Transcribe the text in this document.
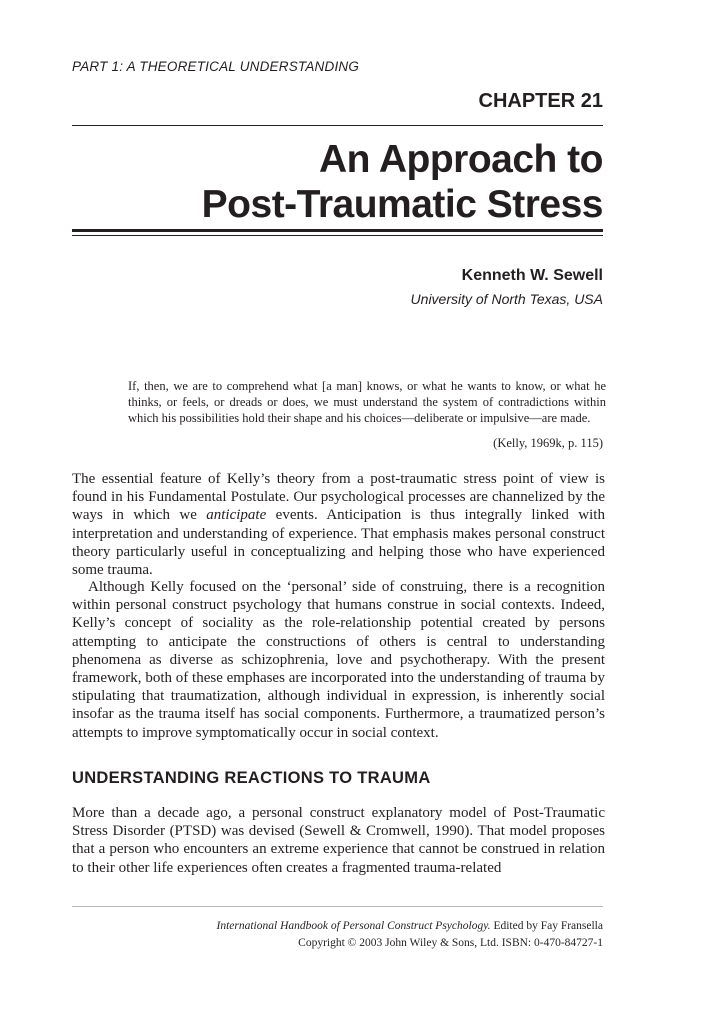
PART 1: A THEORETICAL UNDERSTANDING
CHAPTER 21
An Approach to
Post-Traumatic Stress
Kenneth W. Sewell
University of North Texas, USA

If, then, we are to comprehend what [a man] knows, or what he wants to know, or what he thinks, or feels, or dreads or does, we must understand the system of contradictions within which his possibilities hold their shape and his choices—deliberate or impulsive—are made.

(Kelly, 1969k, p. 115)

The essential feature of Kelly’s theory from a post-traumatic stress point of view is found in his Fundamental Postulate. Our psychological processes are channelized by the ways in which we anticipate events. Anticipation is thus integrally linked with interpretation and understanding of experience. That emphasis makes personal construct theory particularly useful in conceptualizing and helping those who have experienced some trauma.

Although Kelly focused on the ‘personal’ side of construing, there is a recognition within personal construct psychology that humans construe in social contexts. Indeed, Kelly’s concept of sociality as the role-relationship potential created by persons attempting to anticipate the constructions of others is central to understanding phenomena as diverse as schizophrenia, love and psychotherapy. With the present framework, both of these emphases are incorporated into the understanding of trauma by stipulating that traumatization, although individual in expression, is inherently social insofar as the trauma itself has social components. Furthermore, a traumatized person’s attempts to improve symptomatically occur in social context.

UNDERSTANDING REACTIONS TO TRAUMA

More than a decade ago, a personal construct explanatory model of Post-Traumatic Stress Disorder (PTSD) was devised (Sewell & Cromwell, 1990). That model proposes that a person who encounters an extreme experience that cannot be construed in relation to their other life experiences often creates a fragmented trauma-related

International Handbook of Personal Construct Psychology. Edited by Fay Fransella
Copyright © 2003 John Wiley & Sons, Ltd. ISBN: 0-470-84727-1
